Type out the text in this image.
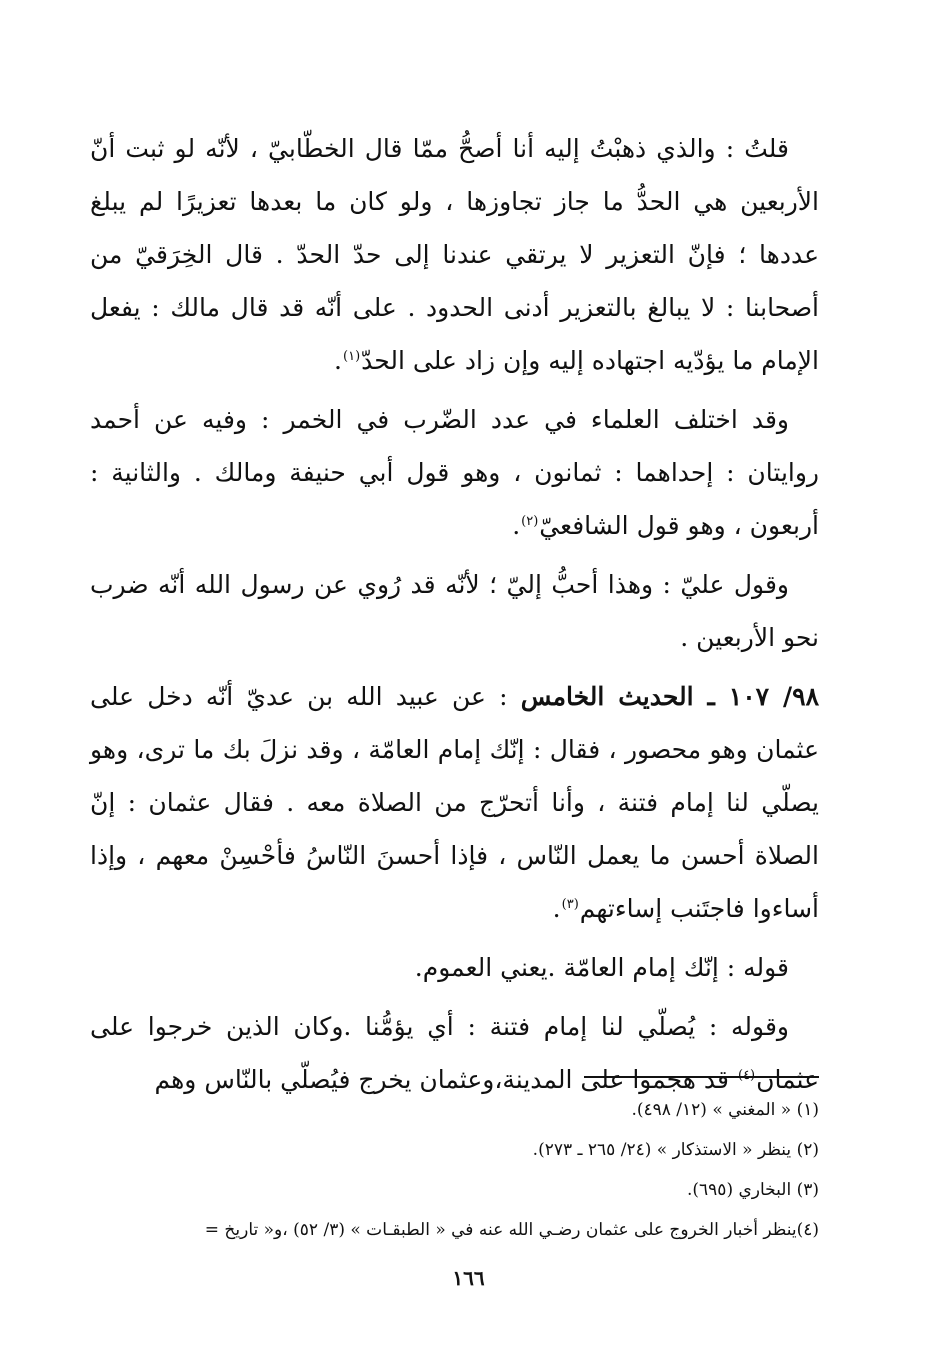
قلتُ : والذي ذهبْتُ إليه أنا أصحُّ ممّا قال الخطّابيّ ، لأنّه لو ثبت أنّ الأربعين هي الحدُّ ما جاز تجاوزها ، ولو كان ما بعدها تعزيرًا لم يبلغ عددها ؛ فإنّ التعزير لا يرتقي عندنا إلى حدّ الحدّ . قال الخِرَقيّ من أصحابنا : لا يبالغ بالتعزير أدنى الحدود . على أنّه قد قال مالك : يفعل الإمام ما يؤدّيه اجتهاده إليه وإن زاد على الحدّ$^{(١)}$.

وقد اختلف العلماء في عدد الضّرب في الخمر : وفيه عن أحمد روايتان : إحداهما : ثمانون ، وهو قول أبي حنيفة ومالك . والثانية : أربعون ، وهو قول الشافعيّ$^{(٢)}$.

وقول عليّ : وهذا أحبُّ إليّ ؛ لأنّه قد رُوي عن رسول الله أنّه ضرب نحو الأربعين .

٩٨/ ١٠٧ ـ الحديث الخامس : عن عبيد الله بن عديّ أنّه دخل على عثمان وهو محصور ، فقال : إنّك إمام العامّة ، وقد نزلَ بك ما ترى، وهو يصلّي لنا إمام فتنة ، وأنا أتحرّج من الصلاة معه . فقال عثمان : إنّ الصلاة أحسن ما يعمل النّاس ، فإذا أحسنَ النّاسُ فأحْسِنْ معهم ، وإذا أساءوا فاجتَنب إساءتهم$^{(٣)}$.

قوله : إنّك إمام العامّة .يعني العموم.

وقوله : يُصلّي لنا إمام فتنة : أي يؤمُّنا .وكان الذين خرجوا على عثمان$^{(٤)}$ قد هجموا على المدينة،وعثمان يخرج فيُصلّي بالنّاس وهم

(١) « المغني » (١٢/ ٤٩٨).
(٢) ينظر « الاستذكار » (٢٤/ ٢٦٥ ـ ٢٧٣).
(٣) البخاري (٦٩٥).
(٤)ينظر أخبار الخروج على عثمان رضـي الله عنه في « الطبقـات » (٣/ ٥٢) ،و« تاريخ =
١٦٦
